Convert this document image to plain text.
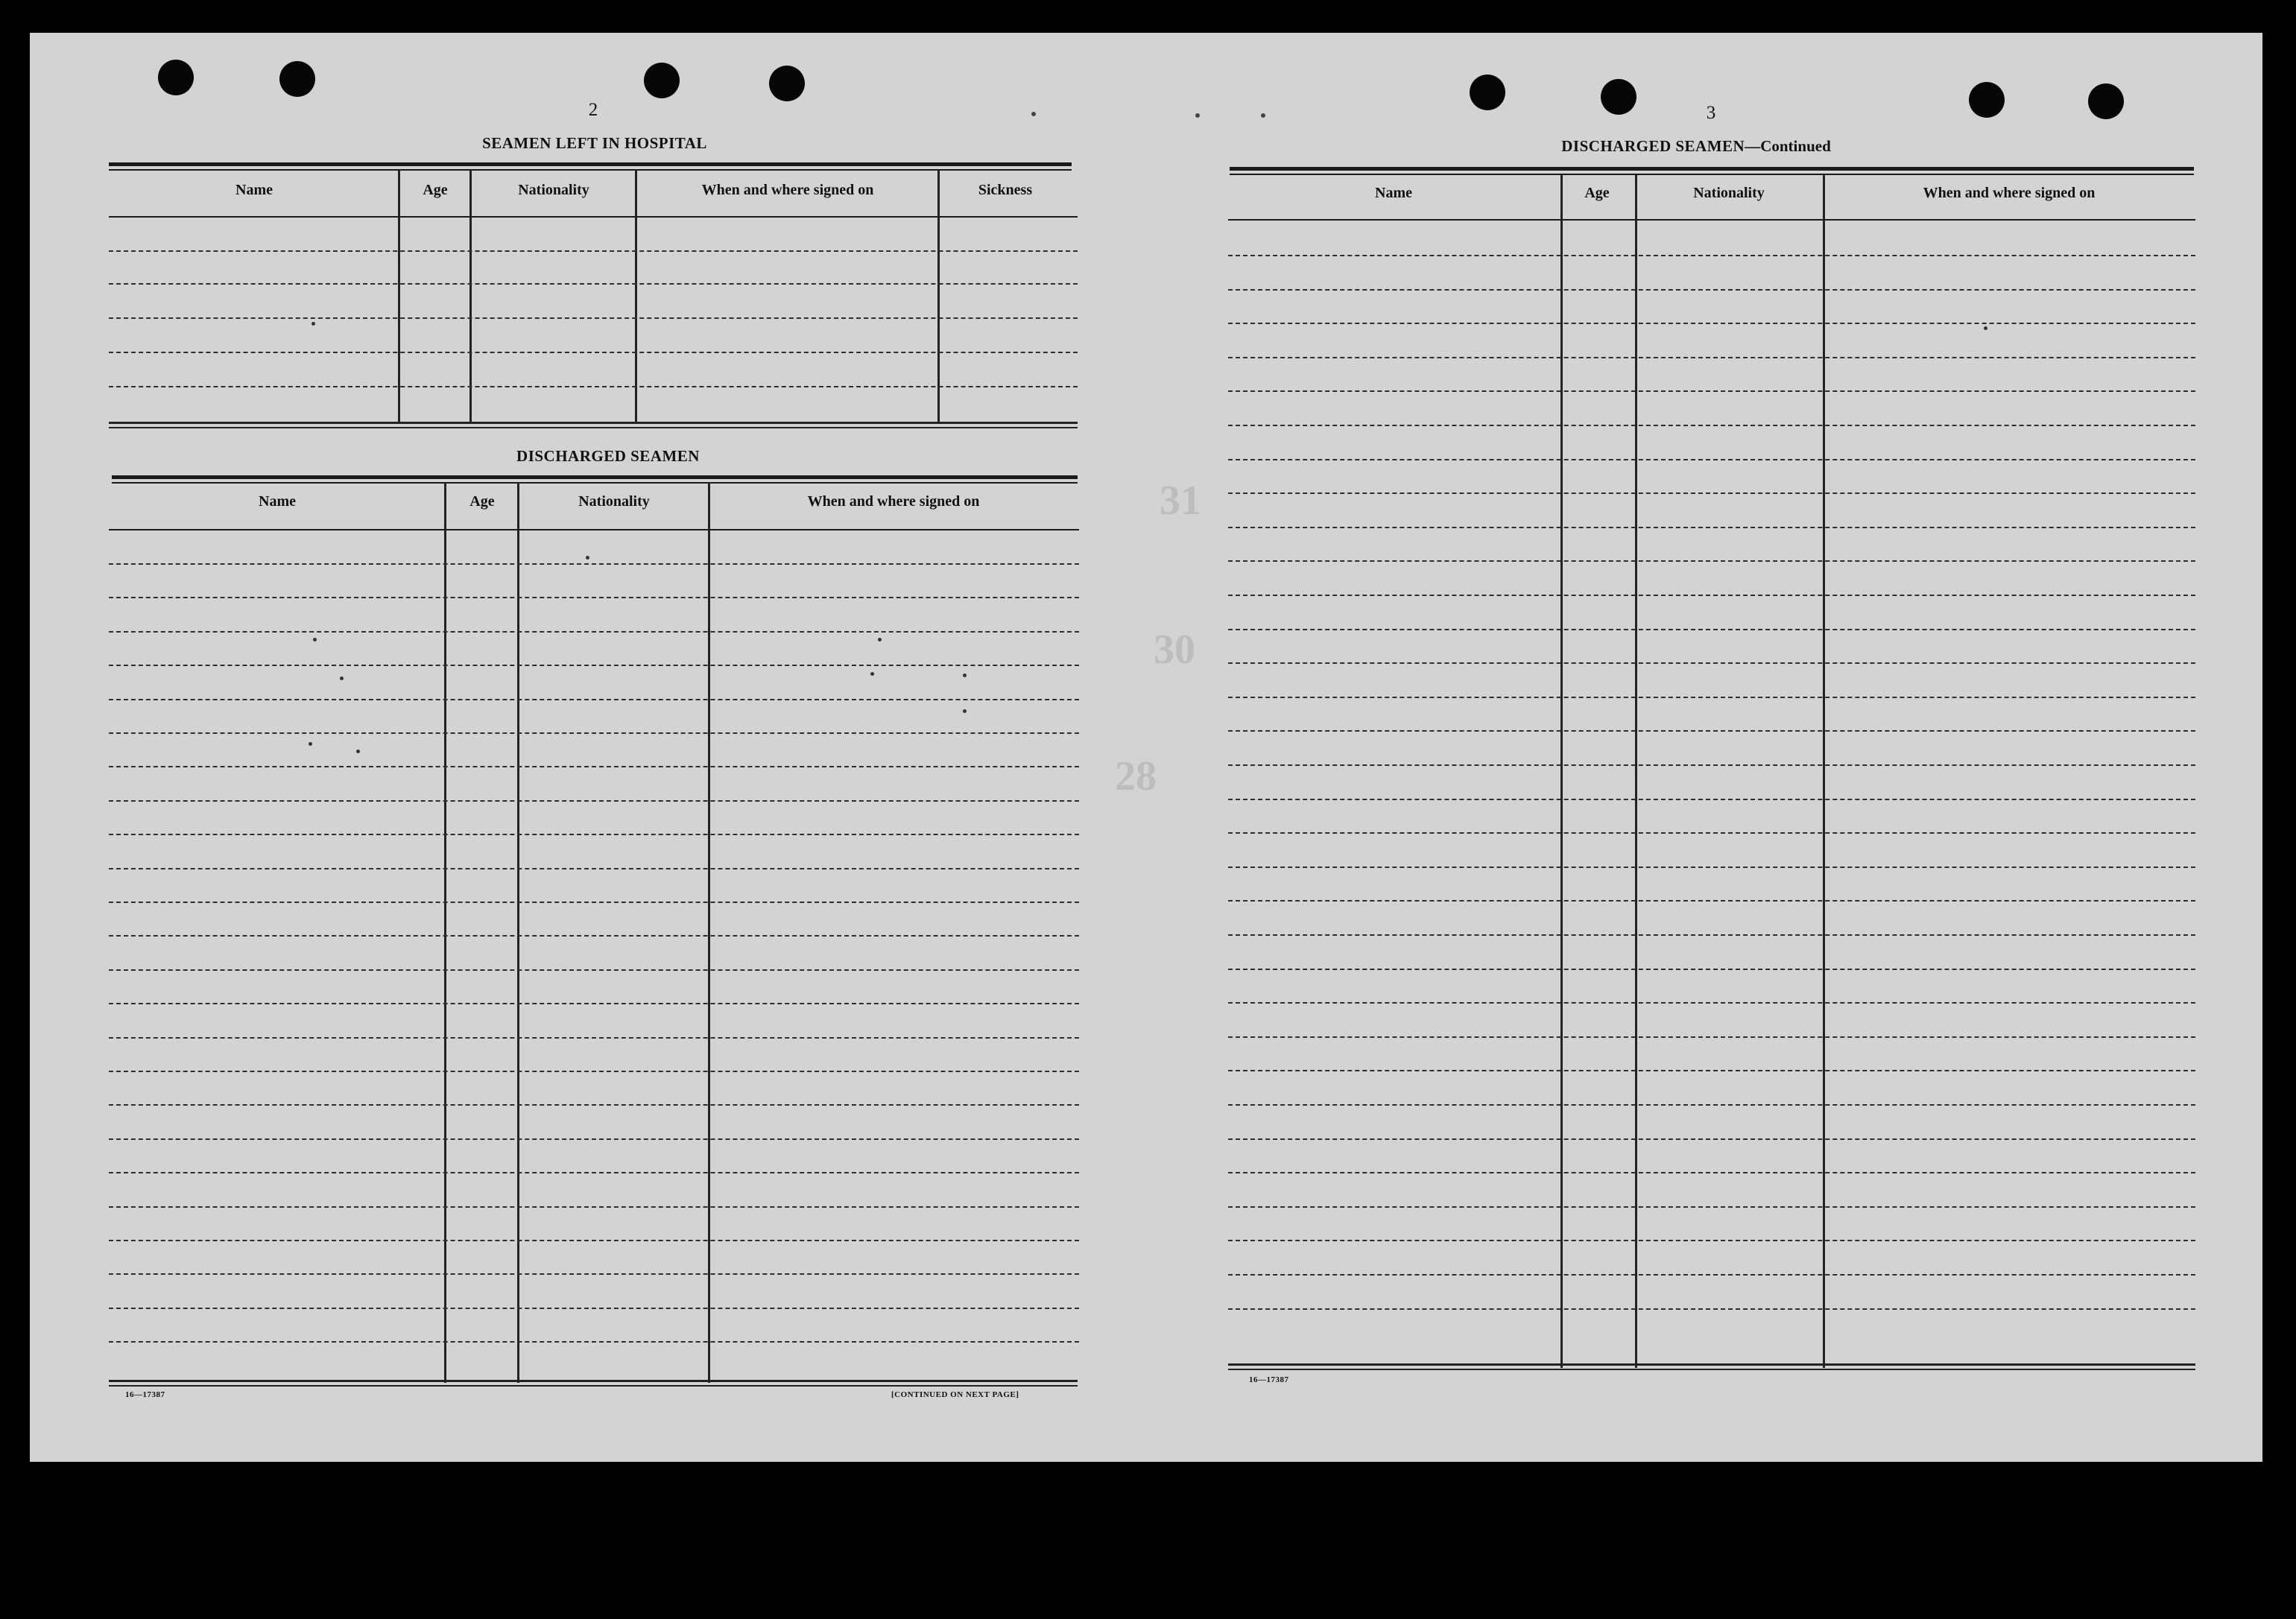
31
30
28
2
SEAMEN LEFT IN HOSPITAL
Name	Age	Nationality	When and where signed on	Sickness
DISCHARGED SEAMEN
Name	Age	Nationality	When and where signed on
16—17387	[CONTINUED ON NEXT PAGE]
3
DISCHARGED SEAMEN—Continued
Name	Age	Nationality	When and where signed on
16—17387
